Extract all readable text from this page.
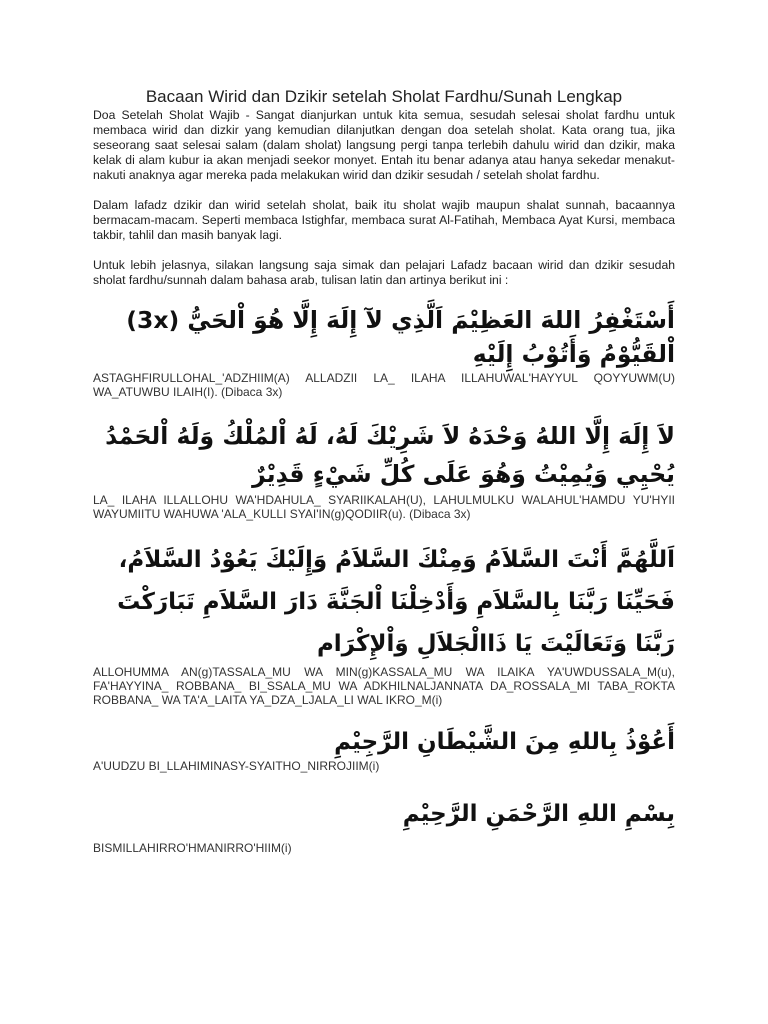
Bacaan Wirid dan Dzikir setelah Sholat Fardhu/Sunah Lengkap

Doa Setelah Sholat Wajib - Sangat dianjurkan untuk kita semua, sesudah selesai sholat fardhu untuk membaca wirid dan dizkir yang kemudian dilanjutkan dengan doa setelah sholat. Kata orang tua, jika seseorang saat selesai salam (dalam sholat) langsung pergi tanpa terlebih dahulu wirid dan dzikir, maka kelak di alam kubur ia akan menjadi seekor monyet. Entah itu benar adanya atau hanya sekedar menakut-nakuti anaknya agar mereka pada melakukan wirid dan dzikir sesudah / setelah sholat fardhu.

Dalam lafadz dzikir dan wirid setelah sholat, baik itu sholat wajib maupun shalat sunnah, bacaannya bermacam-macam. Seperti membaca Istighfar, membaca surat Al-Fatihah, Membaca Ayat Kursi, membaca takbir, tahlil dan masih banyak lagi.

Untuk lebih jelasnya, silakan langsung saja simak dan pelajari Lafadz bacaan wirid dan dzikir sesudah sholat fardhu/sunnah dalam bahasa arab, tulisan latin dan artinya berikut ini :

أَسْتَغْفِرُ اللهَ العَظِيْمَ اَلَّذِي لآ إِلَهَ إِلَّا هُوَ اْلحَيُّ (3x) اْلقَيُّوْمُ وَأَتُوْبُ إِلَيْهِ

ASTAGHFIRULLOHAL_'ADZHIIM(A) ALLADZII LA_ ILAHA ILLAHUWAL'HAYYUL QOYYUWM(U) WA_ATUWBU ILAIH(I). (Dibaca 3x)

لاَ إِلَهَ إِلَّا اللهُ وَحْدَهُ لاَ شَرِيْكَ لَهُ، لَهُ اْلمُلْكُ وَلَهُ اْلحَمْدُ يُحْيِي وَيُمِيْتُ وَهُوَ عَلَى كُلِّ شَيْءٍ قَدِيْرٌ

LA_ ILAHA ILLALLOHU WA'HDAHULA_ SYARIIKALAH(U), LAHULMULKU WALAHUL'HAMDU YU'HYII WAYUMIITU WAHUWA 'ALA_KULLI SYAI'IN(g)QODIIR(u). (Dibaca 3x)

اَللَّهُمَّ أَنْتَ السَّلاَمُ وَمِنْكَ السَّلاَمُ وَإِلَيْكَ يَعُوْدُ السَّلاَمُ، فَحَيِّنَا رَبَّنَا بِالسَّلاَمِ وَأَدْخِلْنَا اْلجَنَّةَ دَارَ السَّلاَمِ تَبَارَكْتَ رَبَّنَا وَتَعَالَيْتَ يَا ذَاالْجَلاَلِ وَاْلإِكْرَام

ALLOHUMMA AN(g)TASSALA_MU WA MIN(g)KASSALA_MU WA ILAIKA YA'UWDUSSALA_M(u), FA'HAYYINA_ ROBBANA_ BI_SSALA_MU WA ADKHILNALJANNATA DA_ROSSALA_MI TABA_ROKTA ROBBANA_ WA TA'A_LAITA YA_DZA_LJALA_LI WAL IKRO_M(i)

أَعُوْذُ بِاللهِ مِنَ الشَّيْطَانِ الرَّجِيْمِ

A'UUDZU BI_LLAHIMINASY-SYAITHO_NIRROJIIM(i)

بِسْمِ اللهِ الرَّحْمَنِ الرَّحِيْمِ

BISMILLAHIRRO'HMANIRRO'HIIM(i)
